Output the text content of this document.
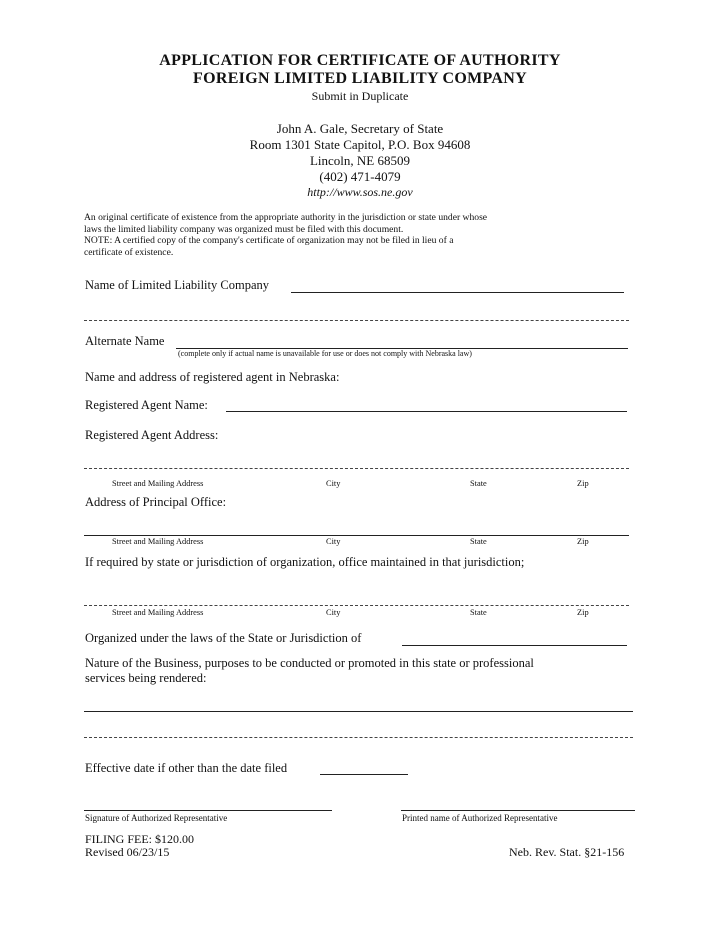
APPLICATION FOR CERTIFICATE OF AUTHORITY
FOREIGN LIMITED LIABILITY COMPANY
Submit in Duplicate
John A. Gale, Secretary of State
Room 1301 State Capitol, P.O. Box 94608
Lincoln, NE 68509
(402) 471-4079
http://www.sos.ne.gov
An original certificate of existence from the appropriate authority in the jurisdiction or state under whose
laws the limited liability company was organized must be filed with this document.
NOTE: A certified copy of the company's certificate of organization may not be filed in lieu of a
certificate of existence.
Name of Limited Liability Company
Alternate Name
(complete only if actual name is unavailable for use or does not comply with Nebraska law)
Name and address of registered agent in Nebraska:
Registered Agent Name:
Registered Agent Address:
Street and Mailing Address	City	State	Zip
Address of Principal Office:
Street and Mailing Address	City	State	Zip
If required by state or jurisdiction of organization, office maintained in that jurisdiction;
Street and Mailing Address	City	State	Zip
Organized under the laws of the State or Jurisdiction of
Nature of the Business, purposes to be conducted or promoted in this state or professional
services being rendered:
Effective date if other than the date filed
Signature of Authorized Representative	Printed name of Authorized Representative
FILING FEE: $120.00
Revised 06/23/15	Neb. Rev. Stat. §21-156
